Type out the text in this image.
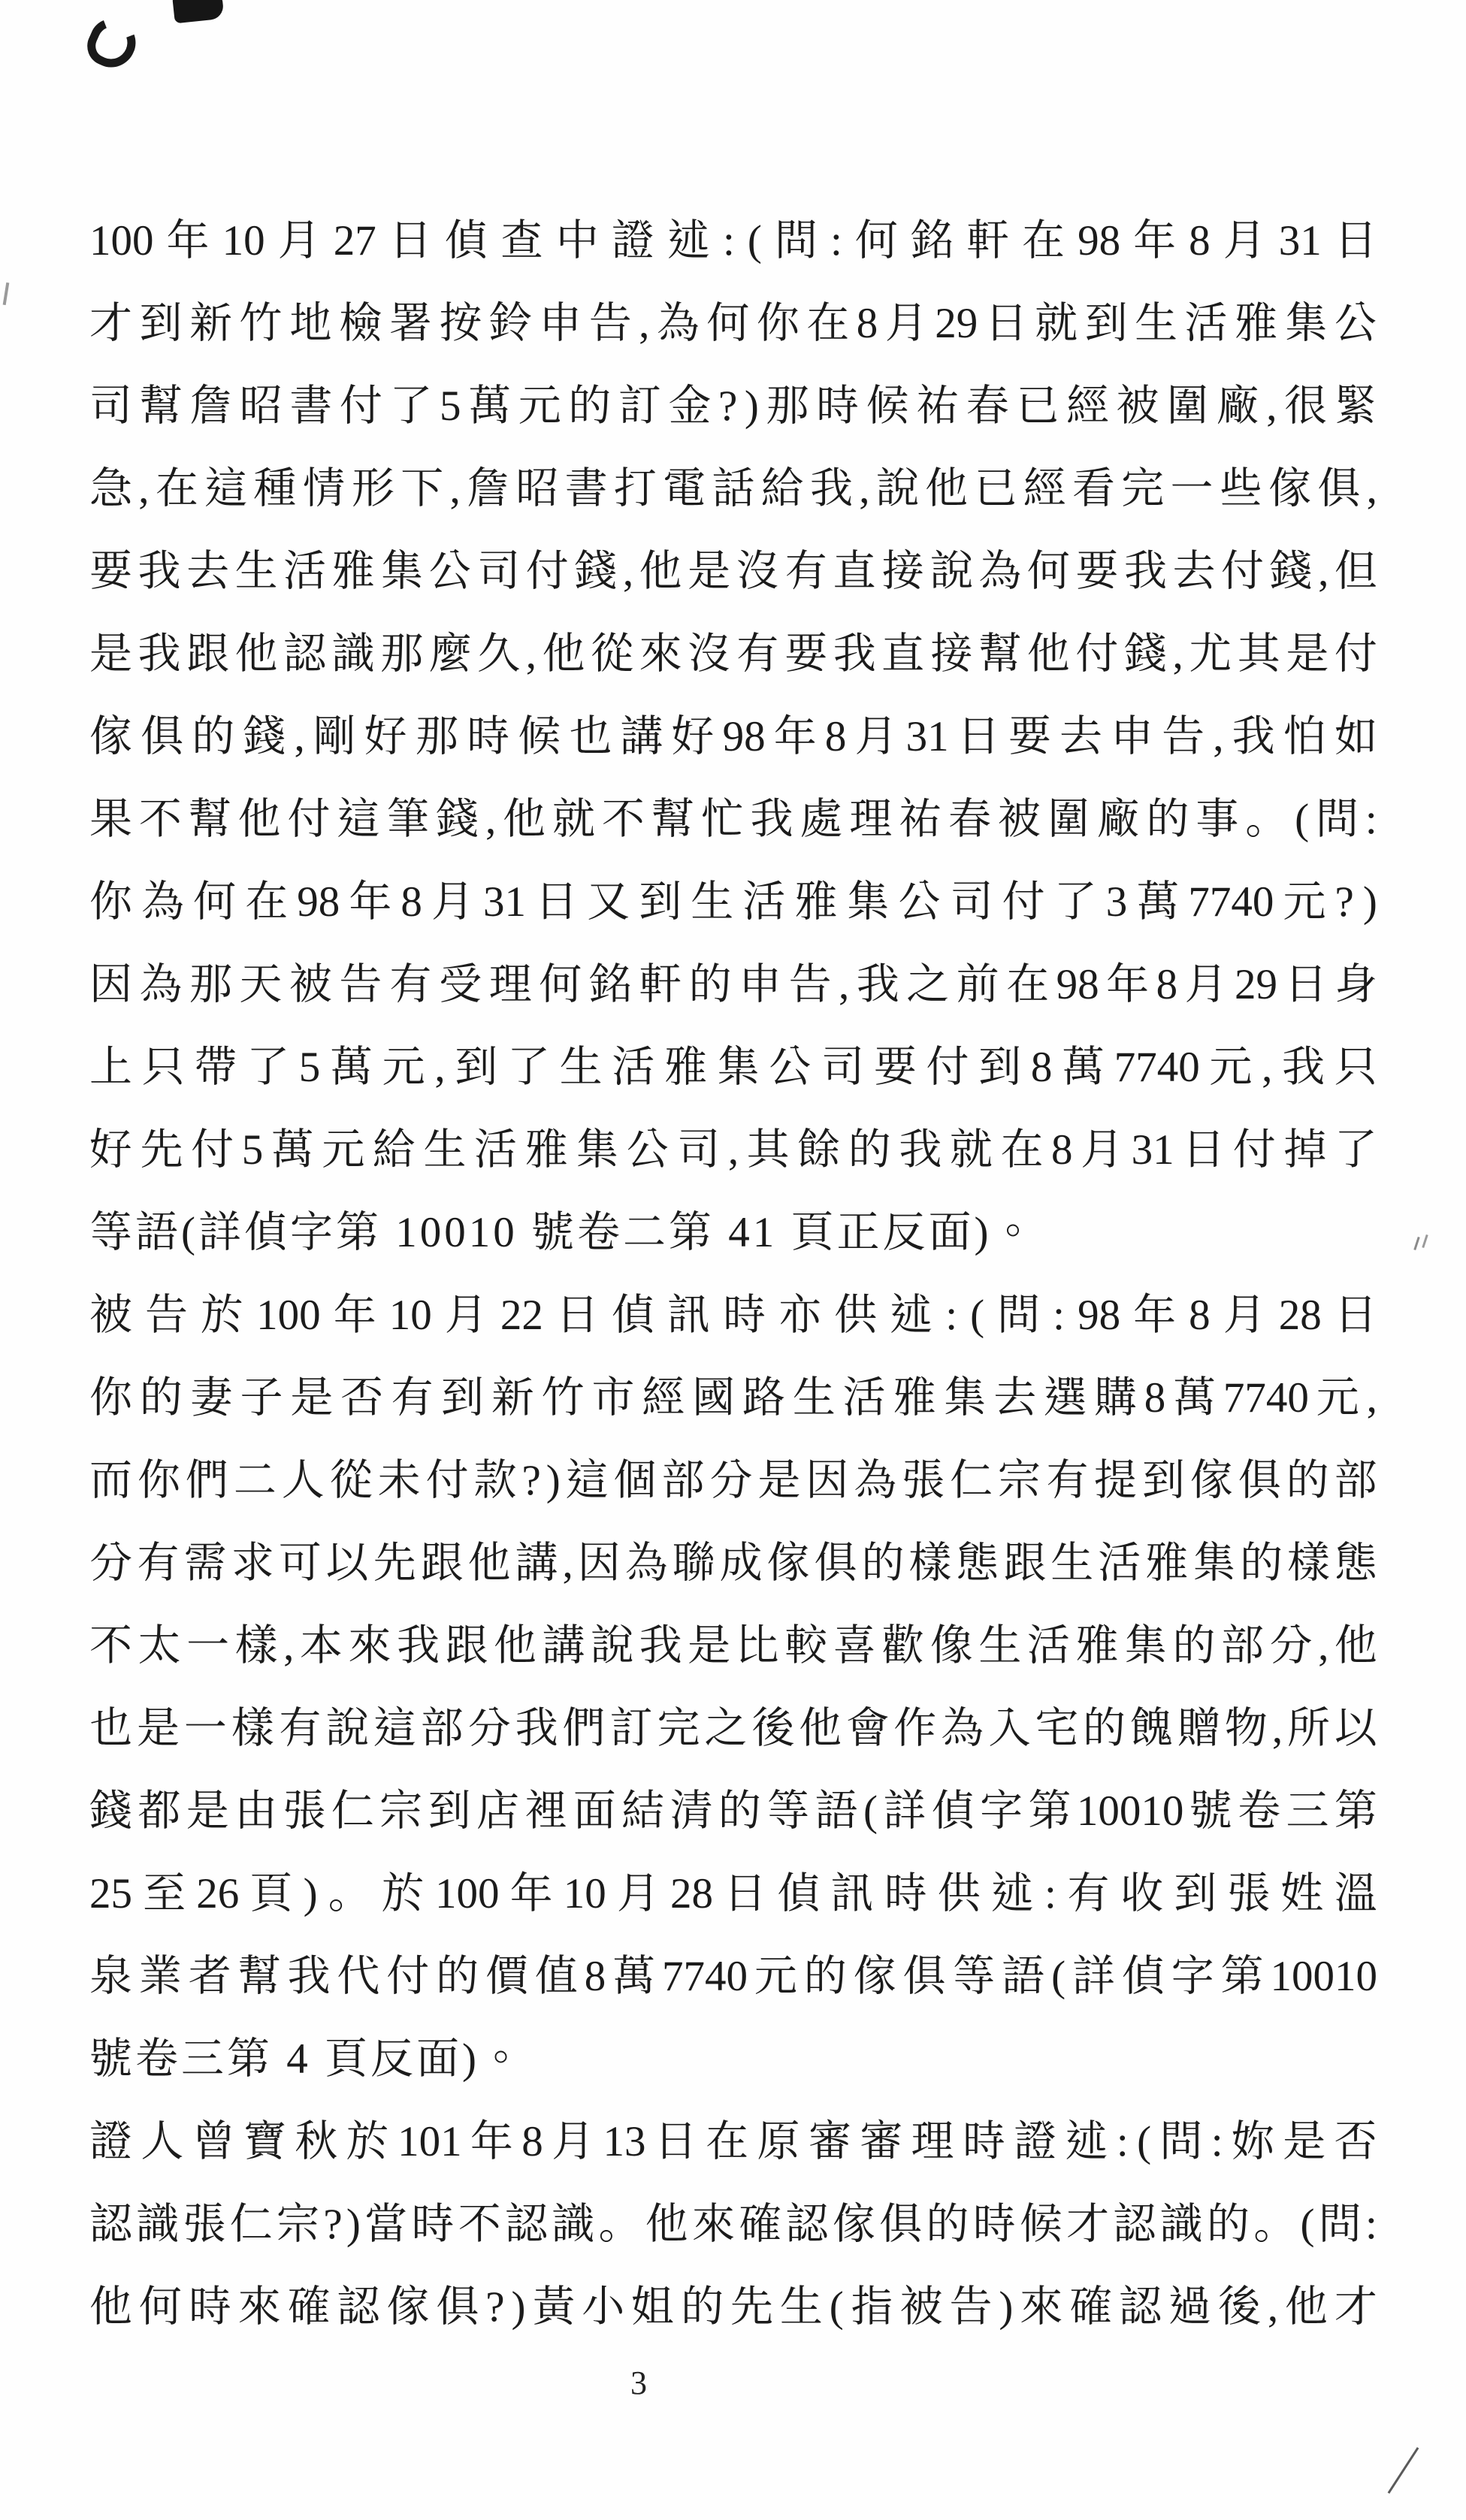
100 年 10 月 27 日 偵 查 中 證 述 : ( 問 : 何 銘 軒 在 98 年 8 月 31 日
才 到 新 竹 地 檢 署 按 鈴 申 告 , 為 何 你 在 8 月 29 日 就 到 生 活 雅 集 公
司 幫 詹 昭 書 付 了 5 萬 元 的 訂 金 ? ) 那 時 候 祐 春 已 經 被 圍 廠 , 很 緊
急 , 在 這 種 情 形 下 , 詹 昭 書 打 電 話 給 我 , 說 他 已 經 看 完 一 些 傢 俱 ,
要 我 去 生 活 雅 集 公 司 付 錢 , 他 是 沒 有 直 接 說 為 何 要 我 去 付 錢 , 但
是 我 跟 他 認 識 那 麼 久 , 他 從 來 沒 有 要 我 直 接 幫 他 付 錢 , 尤 其 是 付
傢 俱 的 錢 , 剛 好 那 時 候 也 講 好 98 年 8 月 31 日 要 去 申 告 , 我 怕 如
果 不 幫 他 付 這 筆 錢 , 他 就 不 幫 忙 我 處 理 祐 春 被 圍 廠 的 事 。 ( 問 :
你 為 何 在 98 年 8 月 31 日 又 到 生 活 雅 集 公 司 付 了 3 萬 7740 元 ? )
因 為 那 天 被 告 有 受 理 何 銘 軒 的 申 告 , 我 之 前 在 98 年 8 月 29 日 身
上 只 帶 了 5 萬 元 , 到 了 生 活 雅 集 公 司 要 付 到 8 萬 7740 元 , 我 只
好 先 付 5 萬 元 給 生 活 雅 集 公 司 , 其 餘 的 我 就 在 8 月 31 日 付 掉 了
等語(詳偵字第 10010 號卷二第 41 頁正反面)。
被 告 於 100 年 10 月 22 日 偵 訊 時 亦 供 述 : ( 問 : 98 年 8 月 28 日
你 的 妻 子 是 否 有 到 新 竹 市 經 國 路 生 活 雅 集 去 選 購 8 萬 7740 元 ,
而 你 們 二 人 從 未 付 款 ? ) 這 個 部 分 是 因 為 張 仁 宗 有 提 到 傢 俱 的 部
分 有 需 求 可 以 先 跟 他 講 , 因 為 聯 成 傢 俱 的 樣 態 跟 生 活 雅 集 的 樣 態
不 太 一 樣 , 本 來 我 跟 他 講 說 我 是 比 較 喜 歡 像 生 活 雅 集 的 部 分 , 他
也 是 一 樣 有 說 這 部 分 我 們 訂 完 之 後 他 會 作 為 入 宅 的 餽 贈 物 , 所 以
錢 都 是 由 張 仁 宗 到 店 裡 面 結 清 的 等 語 ( 詳 偵 字 第 10010 號 卷 三 第
25 至 26 頁 ) 。 於 100 年 10 月 28 日 偵 訊 時 供 述 : 有 收 到 張 姓 溫
泉 業 者 幫 我 代 付 的 價 值 8 萬 7740 元 的 傢 俱 等 語 ( 詳 偵 字 第 10010
號卷三第 4 頁反面)。
證 人 曾 寶 秋 於 101 年 8 月 13 日 在 原 審 審 理 時 證 述 : ( 問 : 妳 是 否
認 識 張 仁 宗 ? ) 當 時 不 認 識 。 他 來 確 認 傢 俱 的 時 候 才 認 識 的 。 ( 問 :
他 何 時 來 確 認 傢 俱 ? ) 黃 小 姐 的 先 生 ( 指 被 告 ) 來 確 認 過 後 , 他 才
3
